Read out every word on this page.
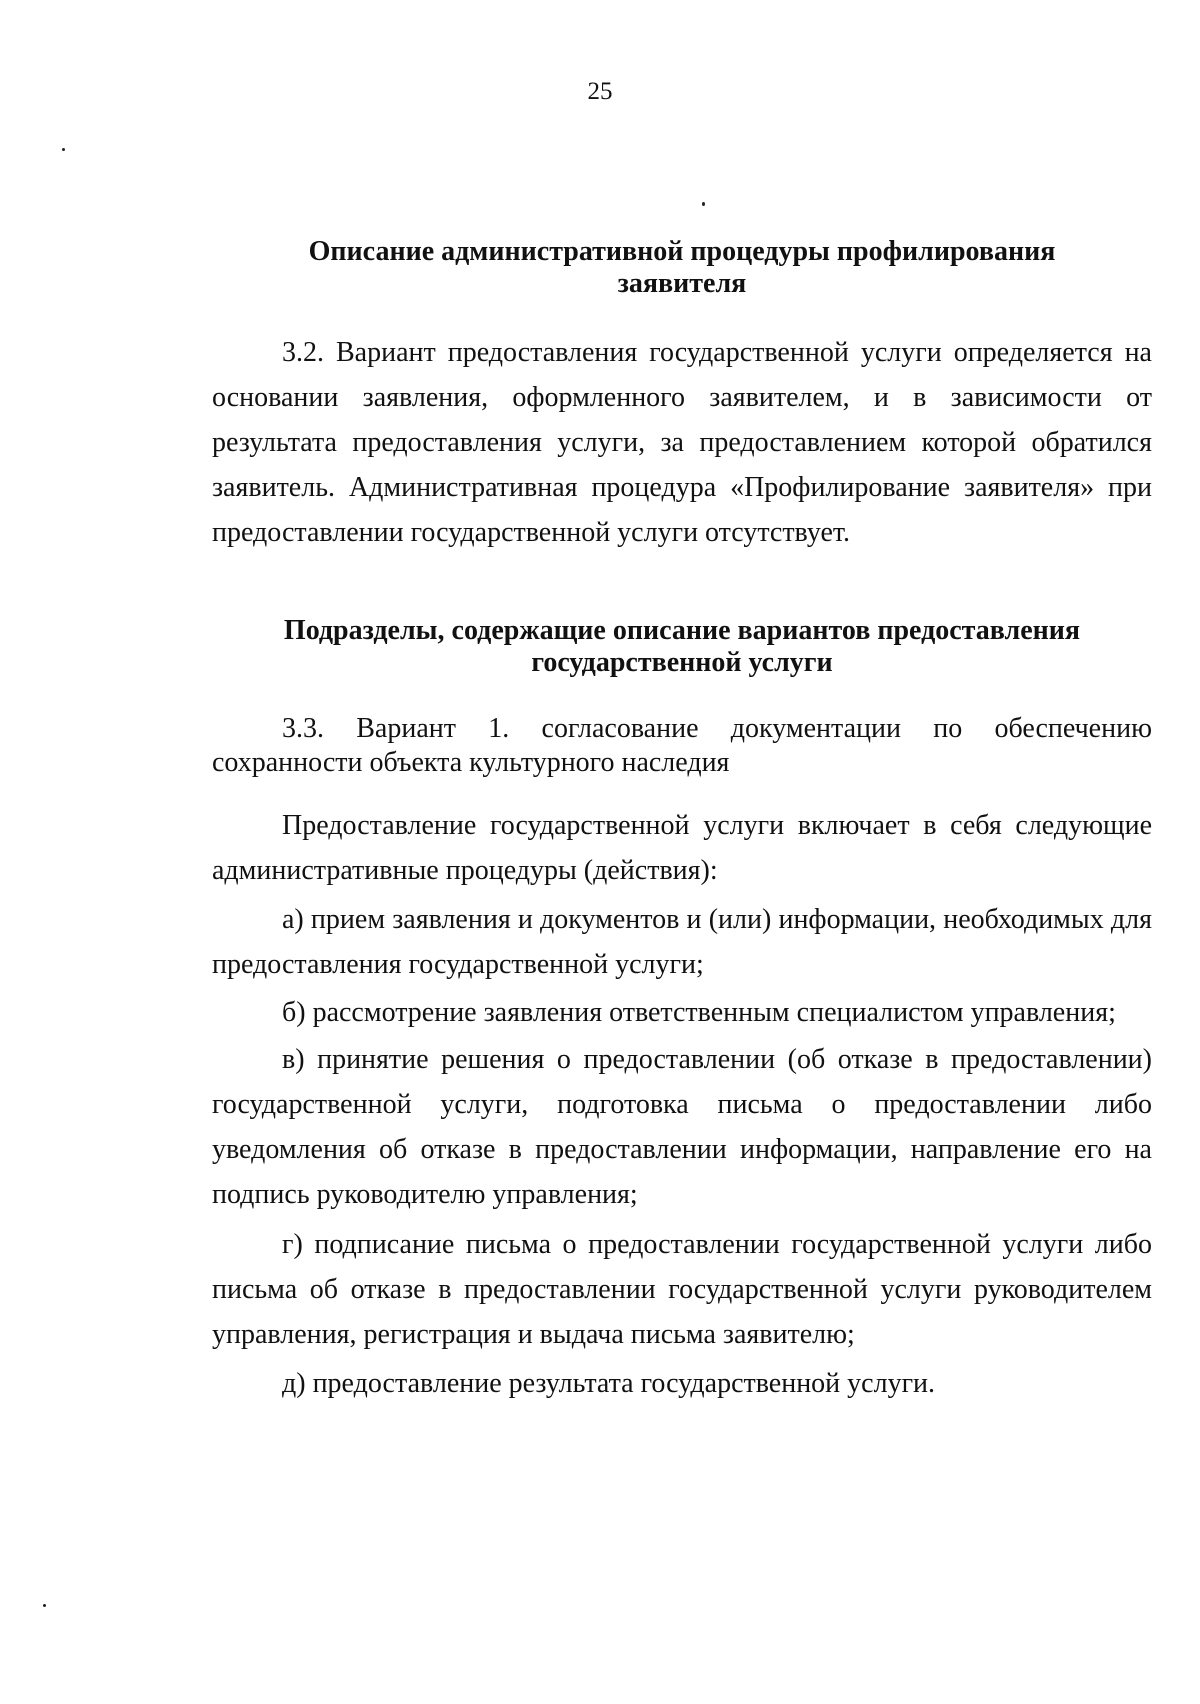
25
Описание административной процедуры профилирования
заявителя
3.2. Вариант предоставления государственной услуги определяется на основании заявления, оформленного заявителем, и в зависимости от результата предоставления услуги, за предоставлением которой обратился заявитель. Административная процедура «Профилирование заявителя» при предоставлении государственной услуги отсутствует.
Подразделы, содержащие описание вариантов предоставления
государственной услуги
3.3. Вариант 1. согласование документации по обеспечению сохранности объекта культурного наследия
Предоставление государственной услуги включает в себя следующие административные процедуры (действия):
а) прием заявления и документов и (или) информации, необходимых для предоставления государственной услуги;
б) рассмотрение заявления ответственным специалистом управления;
в) принятие решения о предоставлении (об отказе в предоставлении) государственной услуги, подготовка письма о предоставлении либо уведомления об отказе в предоставлении информации, направление его на подпись руководителю управления;
г) подписание письма о предоставлении государственной услуги либо письма об отказе в предоставлении государственной услуги руководителем управления, регистрация и выдача письма заявителю;
д) предоставление результата государственной услуги.
